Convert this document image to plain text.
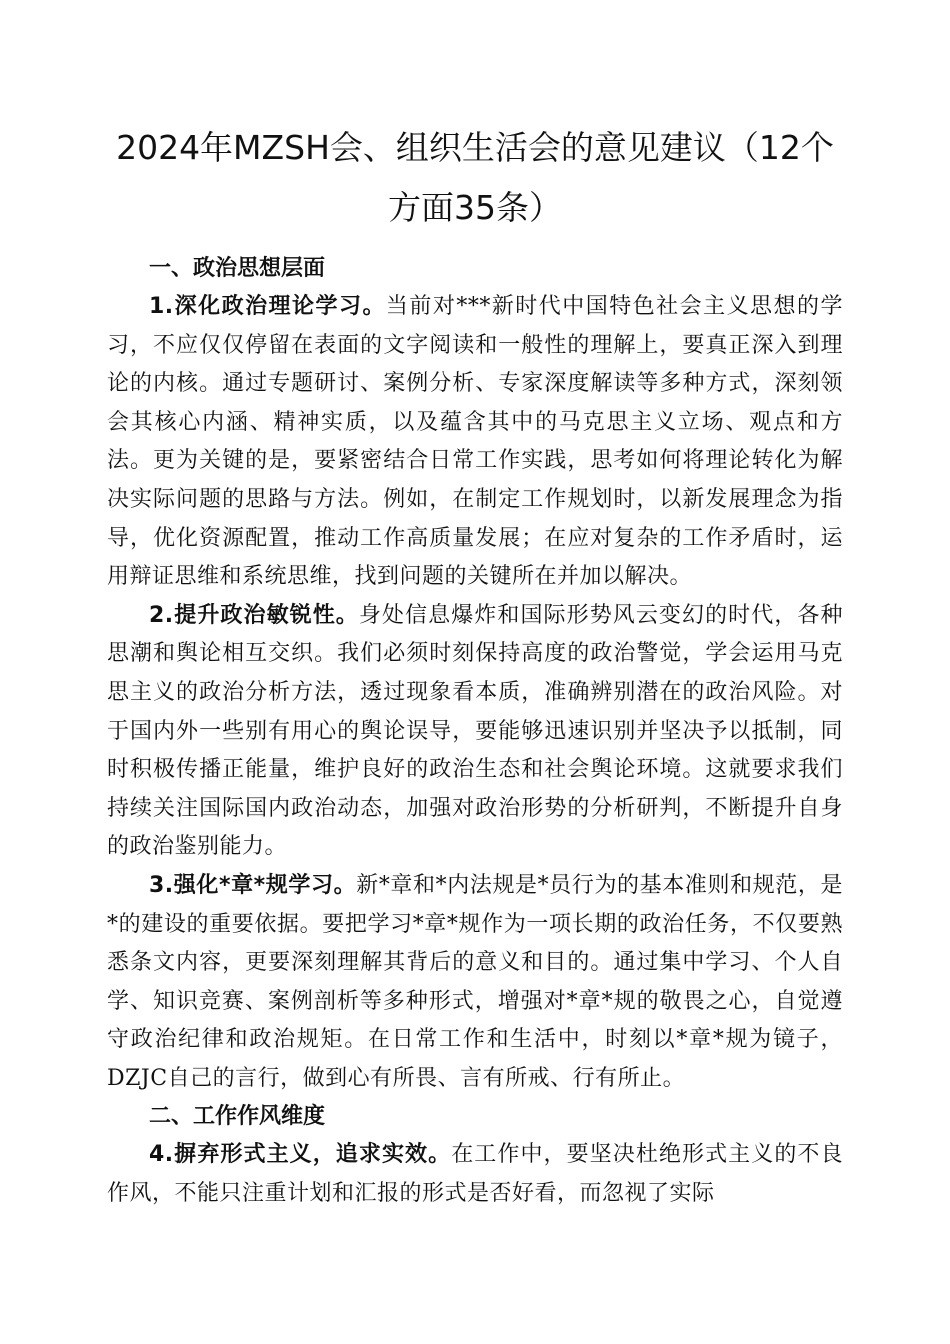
2024年MZSH会、组织生活会的意见建议（12个方面35条）
一、政治思想层面

1.深化政治理论学习。当前对***新时代中国特色社会主义思想的学习，不应仅仅停留在表面的文字阅读和一般性的理解上，要真正深入到理论的内核。通过专题研讨、案例分析、专家深度解读等多种方式，深刻领会其核心内涵、精神实质，以及蕴含其中的马克思主义立场、观点和方法。更为关键的是，要紧密结合日常工作实践，思考如何将理论转化为解决实际问题的思路与方法。例如，在制定工作规划时，以新发展理念为指导，优化资源配置，推动工作高质量发展；在应对复杂的工作矛盾时，运用辩证思维和系统思维，找到问题的关键所在并加以解决。

2.提升政治敏锐性。身处信息爆炸和国际形势风云变幻的时代，各种思潮和舆论相互交织。我们必须时刻保持高度的政治警觉，学会运用马克思主义的政治分析方法，透过现象看本质，准确辨别潜在的政治风险。对于国内外一些别有用心的舆论误导，要能够迅速识别并坚决予以抵制，同时积极传播正能量，维护良好的政治生态和社会舆论环境。这就要求我们持续关注国际国内政治动态，加强对政治形势的分析研判，不断提升自身的政治鉴别能力。

3.强化*章*规学习。新*章和*内法规是*员行为的基本准则和规范，是*的建设的重要依据。要把学习*章*规作为一项长期的政治任务，不仅要熟悉条文内容，更要深刻理解其背后的意义和目的。通过集中学习、个人自学、知识竞赛、案例剖析等多种形式，增强对*章*规的敬畏之心，自觉遵守政治纪律和政治规矩。在日常工作和生活中，时刻以*章*规为镜子，DZJC自己的言行，做到心有所畏、言有所戒、行有所止。

二、工作作风维度

4.摒弃形式主义，追求实效。在工作中，要坚决杜绝形式主义的不良作风，不能只注重计划和汇报的形式是否好看，而忽视了实际
